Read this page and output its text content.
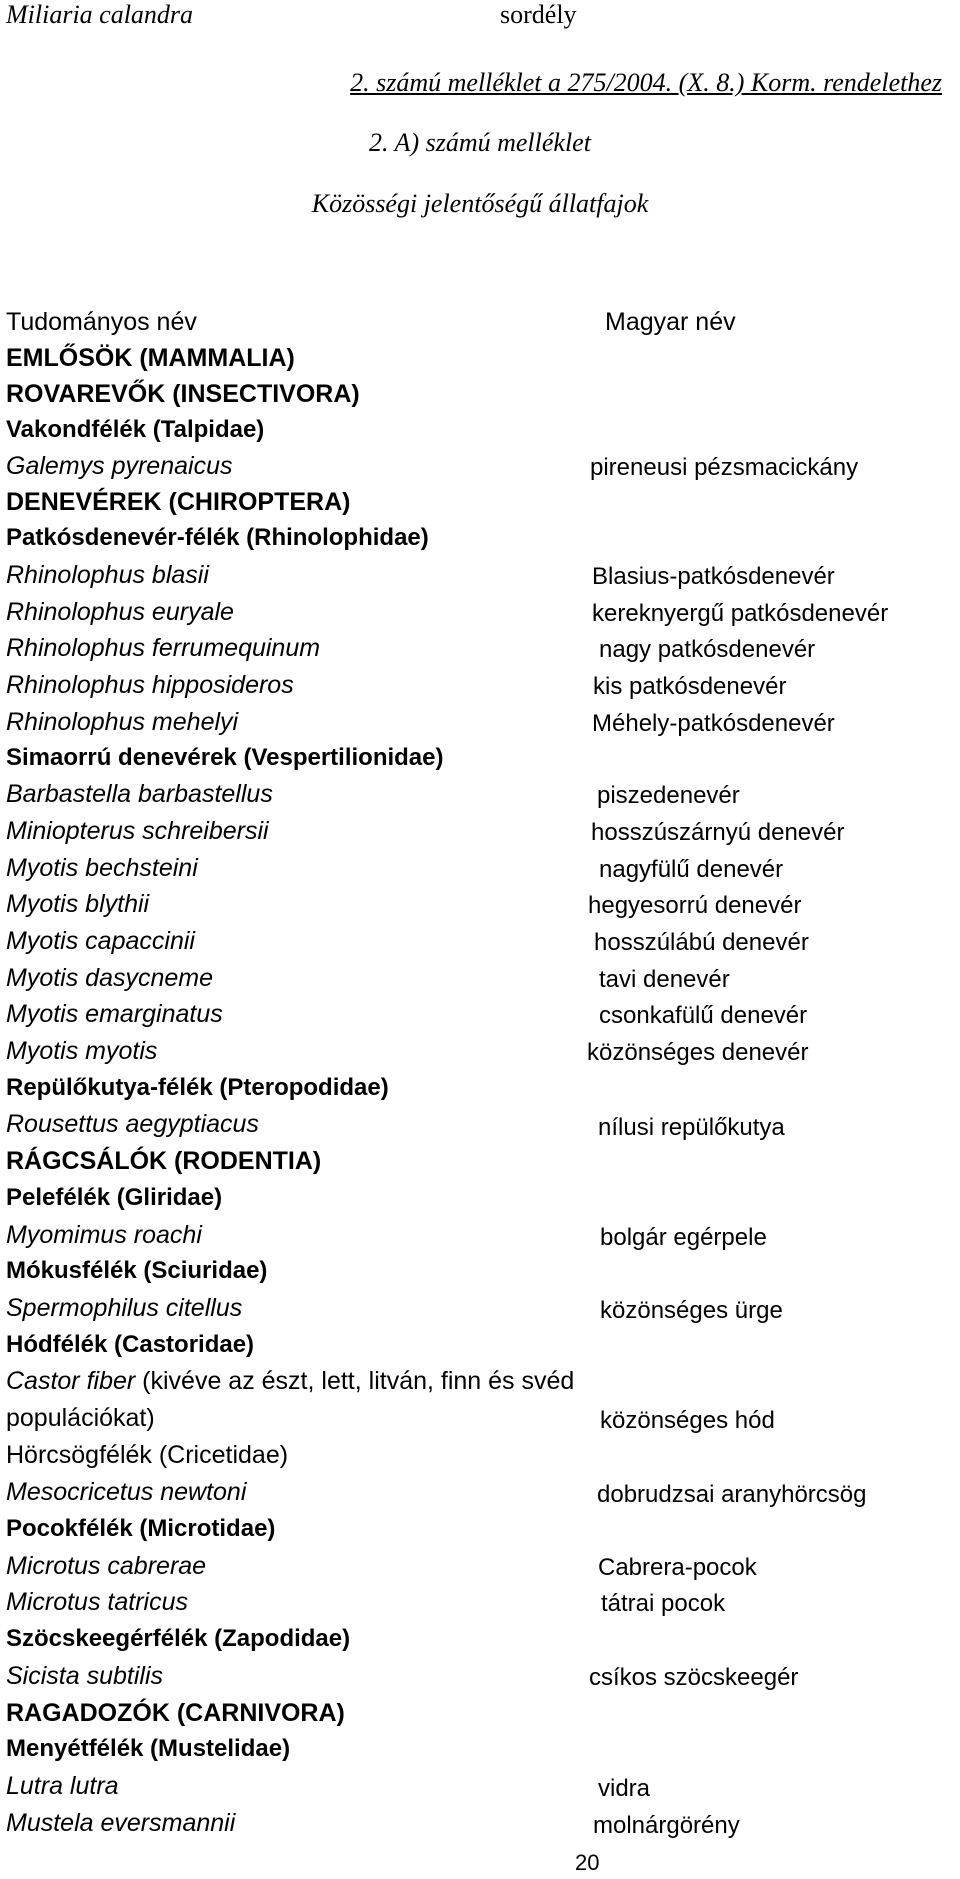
Miliaria calandra	sordély
2. számú melléklet a 275/2004. (X. 8.) Korm. rendelethez
2. A) számú melléklet
Közösségi jelentőségű állatfajok
Tudományos név	Magyar név
EMLŐSÖK (MAMMALIA)
ROVAREVŐK (INSECTIVORA)
Vakondfélék (Talpidae)
Galemys pyrenaicus	pireneusi pézsmacickány
DENEVÉREK (CHIROPTERA)
Patkósdenevér-félék (Rhinolophidae)
Rhinolophus blasii	Blasius-patkósdenevér
Rhinolophus euryale	kereknyergű patkósdenevér
Rhinolophus ferrumequinum	nagy patkósdenevér
Rhinolophus hipposideros	kis patkósdenevér
Rhinolophus mehelyi	Méhely-patkósdenevér
Simaorrú denevérek (Vespertilionidae)
Barbastella barbastellus	piszedenevér
Miniopterus schreibersii	hosszúszárnyú denevér
Myotis bechsteini	nagyfülű denevér
Myotis blythii	hegyesorrú denevér
Myotis capaccinii	hosszúlábú denevér
Myotis dasycneme	tavi denevér
Myotis emarginatus	csonkafülű denevér
Myotis myotis	közönséges denevér
Repülőkutya-félék (Pteropodidae)
Rousettus aegyptiacus	nílusi repülőkutya
RÁGCSÁLÓK (RODENTIA)
Pelefélék (Gliridae)
Myomimus roachi	bolgár egérpele
Mókusfélék (Sciuridae)
Spermophilus citellus	közönséges ürge
Hódfélék (Castoridae)
Castor fiber (kivéve az észt, lett, litván, finn és svéd populációkat)	közönséges hód
Hörcsögfélék (Cricetidae)
Mesocricetus newtoni	dobrudzsai aranyhörcsög
Pocokfélék (Microtidae)
Microtus cabrerae	Cabrera-pocok
Microtus tatricus	tátrai pocok
Szöcskeegérfélék (Zapodidae)
Sicista subtilis	csíkos szöcskeegér
RAGADOZÓK (CARNIVORA)
Menyétfélék (Mustelidae)
Lutra lutra	vidra
Mustela eversmannii	molnárgörény
20
